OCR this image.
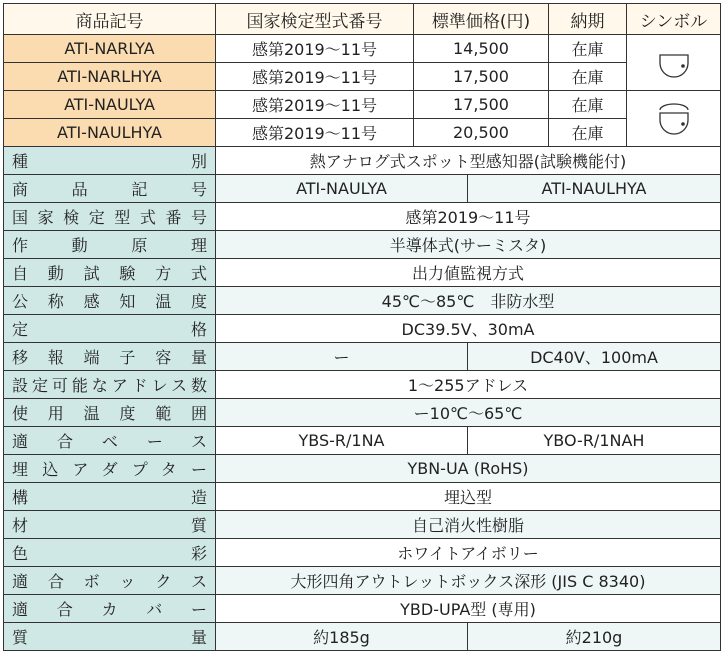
商品記号	国家検定型式番号	標準価格(円)	納期	シンボル
ATI-NARLYA	感第2019〜11号	14,500	在庫	

ATI-NARLHYA	感第2019〜11号	17,500	在庫	
ATI-NAULYA	感第2019〜11号	17,500	在庫	

ATI-NAULHYA	感第2019〜11号	20,500	在庫	
種別	熱アナログ式スポット型感知器(試験機能付)	
商品記号	ATI-NAULYA	ATI-NAULHYA
国家検定型式番号	感第2019〜11号	
作動原理	半導体式(サーミスタ)	
自動試験方式	出力値監視方式	
公称感知温度	45℃〜85℃　非防水型	
定格	DC39.5V、30mA	
移報端子容量	ー	DC40V、100mA
設定可能なアドレス数	1〜255アドレス	
使用温度範囲	ー10℃〜65℃	
適合ベース	YBS-R/1NA	YBO-R/1NAH
埋込アダプター	YBN-UA (RoHS)	
構造	埋込型	
材質	自己消火性樹脂	
色彩	ホワイトアイボリー	
適合ボックス	大形四角アウトレットボックス深形 (JIS C 8340)	
適合カバー	YBD-UPA型 (専用)	
質量	約185g	約210g
